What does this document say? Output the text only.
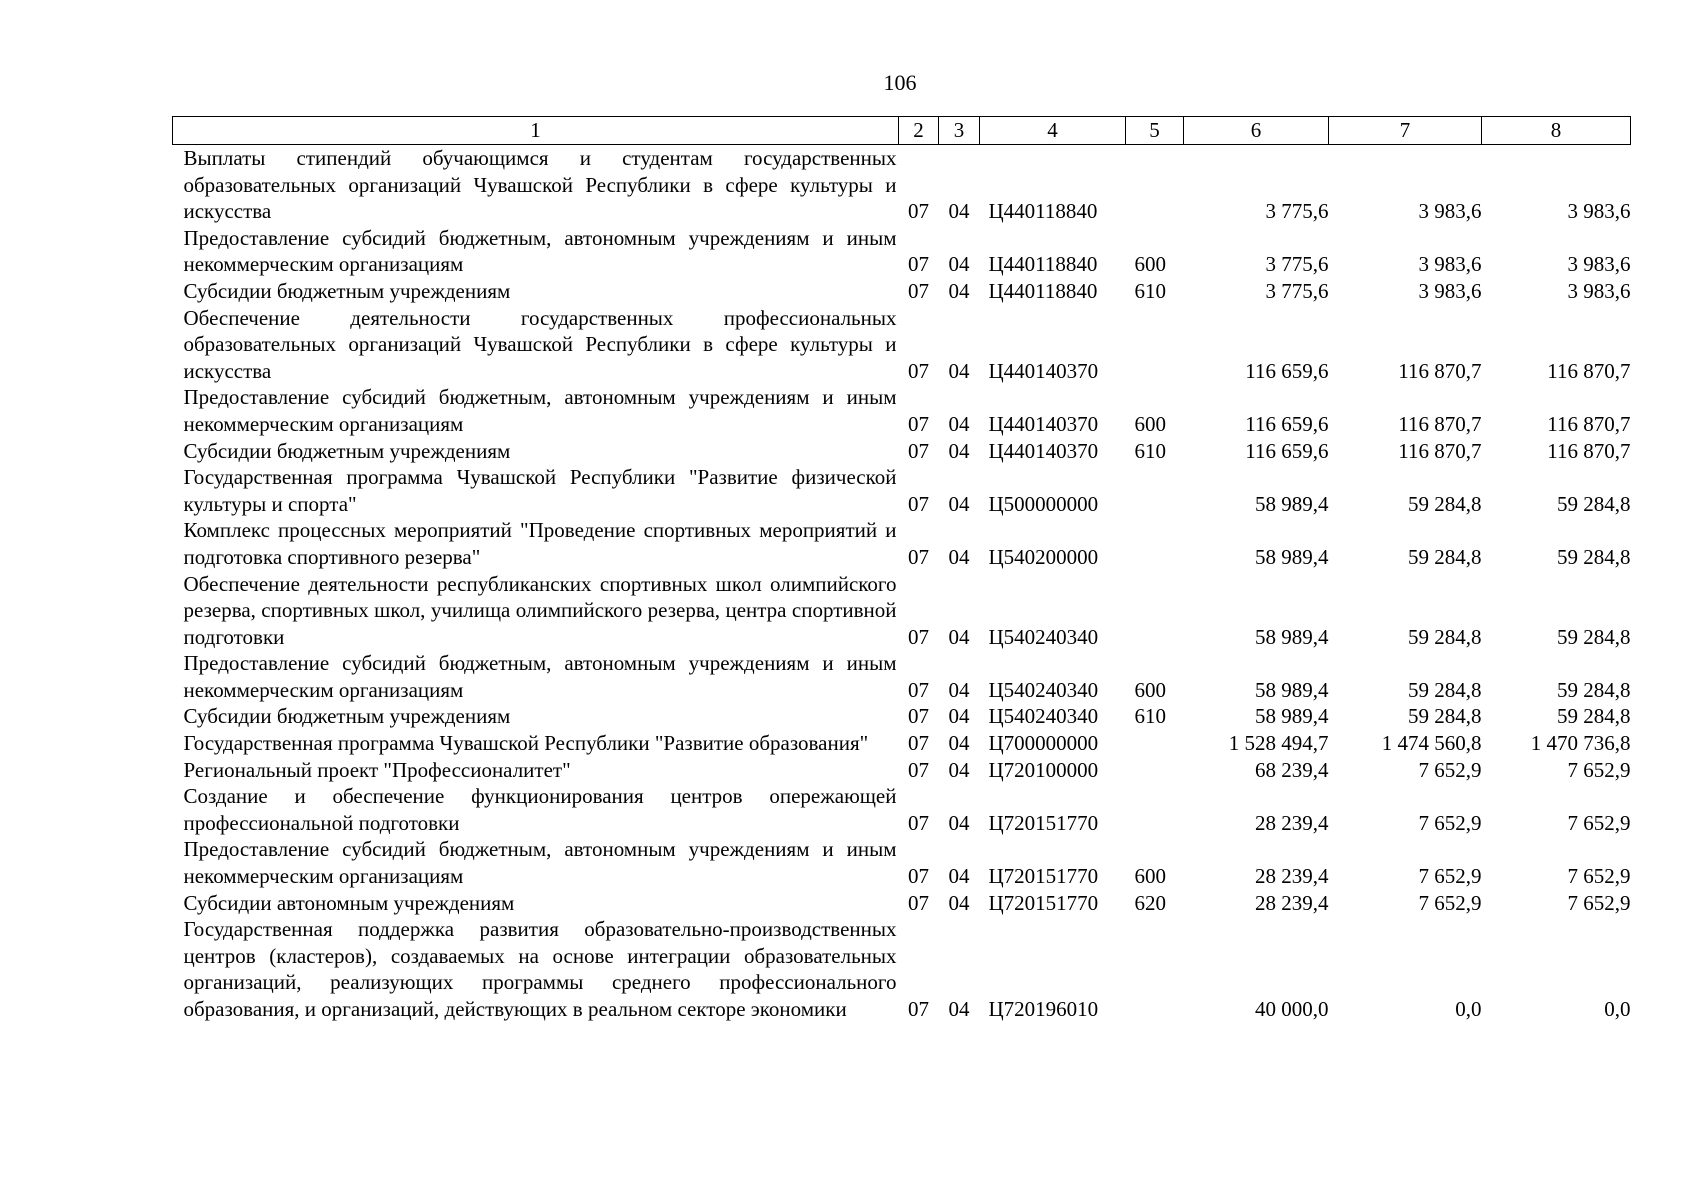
106
1	2	3	4	5	6	7	8
Выплаты стипендий обучающимся и студентам государственных образовательных организаций Чувашской Республики в сфере культуры и искусства	07	04	Ц440118840		3 775,6	3 983,6	3 983,6
Предоставление субсидий бюджетным, автономным учреждениям и иным некоммерческим организациям	07	04	Ц440118840	600	3 775,6	3 983,6	3 983,6
Субсидии бюджетным учреждениям	07	04	Ц440118840	610	3 775,6	3 983,6	3 983,6
Обеспечение деятельности государственных профессиональных образовательных организаций Чувашской Республики в сфере культуры и искусства	07	04	Ц440140370		116 659,6	116 870,7	116 870,7
Предоставление субсидий бюджетным, автономным учреждениям и иным некоммерческим организациям	07	04	Ц440140370	600	116 659,6	116 870,7	116 870,7
Субсидии бюджетным учреждениям	07	04	Ц440140370	610	116 659,6	116 870,7	116 870,7
Государственная программа Чувашской Республики "Развитие физической культуры и спорта"	07	04	Ц500000000		58 989,4	59 284,8	59 284,8
Комплекс процессных мероприятий "Проведение спортивных мероприятий и подготовка спортивного резерва"	07	04	Ц540200000		58 989,4	59 284,8	59 284,8
Обеспечение деятельности республиканских спортивных школ олимпийского резерва, спортивных школ, училища олимпийского резерва, центра спортивной подготовки	07	04	Ц540240340		58 989,4	59 284,8	59 284,8
Предоставление субсидий бюджетным, автономным учреждениям и иным некоммерческим организациям	07	04	Ц540240340	600	58 989,4	59 284,8	59 284,8
Субсидии бюджетным учреждениям	07	04	Ц540240340	610	58 989,4	59 284,8	59 284,8
Государственная программа Чувашской Республики "Развитие образования"	07	04	Ц700000000		1 528 494,7	1 474 560,8	1 470 736,8
Региональный проект "Профессионалитет"	07	04	Ц720100000		68 239,4	7 652,9	7 652,9
Создание и обеспечение функционирования центров опережающей профессиональной подготовки	07	04	Ц720151770		28 239,4	7 652,9	7 652,9
Предоставление субсидий бюджетным, автономным учреждениям и иным некоммерческим организациям	07	04	Ц720151770	600	28 239,4	7 652,9	7 652,9
Субсидии автономным учреждениям	07	04	Ц720151770	620	28 239,4	7 652,9	7 652,9
Государственная поддержка развития образовательно-производственных центров (кластеров), создаваемых на основе интеграции образовательных организаций, реализующих программы среднего профессионального образования, и организаций, действующих в реальном секторе экономики	07	04	Ц720196010		40 000,0	0,0	0,0
